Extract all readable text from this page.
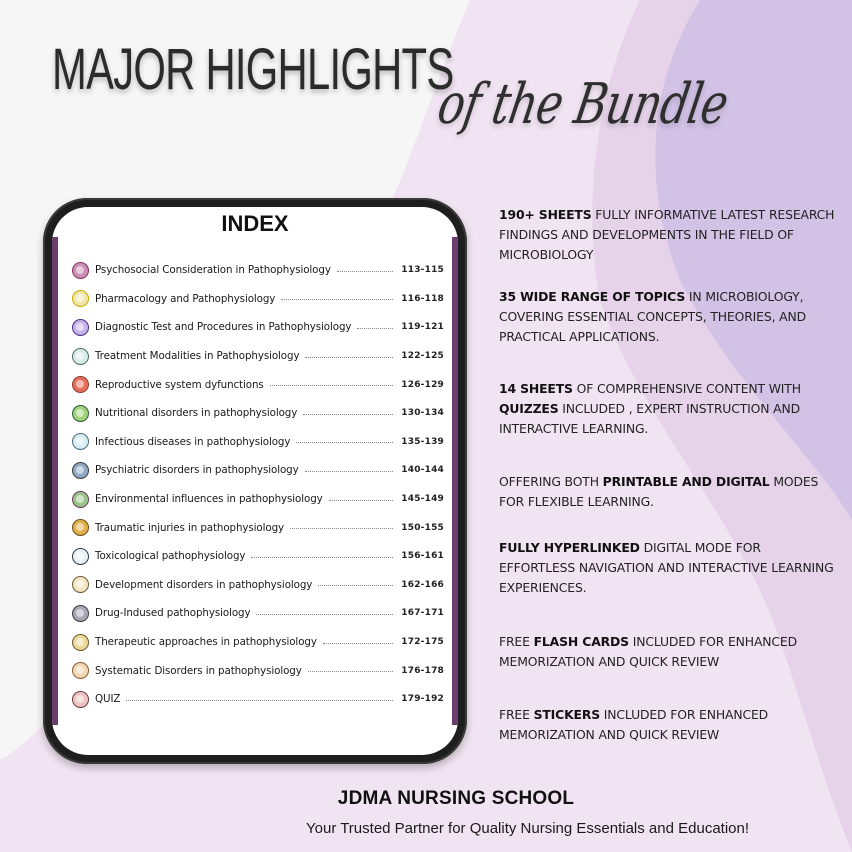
MAJOR HIGHLIGHTS
of the Bundle
INDEX
Psychosocial Consideration in Pathophysiology	113-115
Pharmacology and Pathophysiology	116-118
Diagnostic Test and Procedures in Pathophysiology	119-121
Treatment Modalities in Pathophysiology	122-125
Reproductive system dyfunctions	126-129
Nutritional disorders in pathophysiology	130-134
Infectious diseases in pathophysiology	135-139
Psychiatric disorders in pathophysiology	140-144
Environmental influences in pathophysiology	145-149
Traumatic injuries in pathophysiology	150-155
Toxicological pathophysiology	156-161
Development disorders in pathophysiology	162-166
Drug-Indused pathophysiology	167-171
Therapeutic approaches in pathophysiology	172-175
Systematic Disorders in pathophysiology	176-178
QUIZ	179-192
190+ SHEETS FULLY INFORMATIVE LATEST RESEARCH FINDINGS AND DEVELOPMENTS IN THE FIELD OF MICROBIOLOGY
35 WIDE RANGE OF TOPICS IN MICROBIOLOGY, COVERING ESSENTIAL CONCEPTS, THEORIES, AND PRACTICAL APPLICATIONS.
14 SHEETS OF COMPREHENSIVE CONTENT WITH QUIZZES INCLUDED , EXPERT INSTRUCTION AND INTERACTIVE LEARNING.
OFFERING BOTH PRINTABLE AND DIGITAL MODES FOR FLEXIBLE LEARNING.
FULLY HYPERLINKED DIGITAL MODE FOR EFFORTLESS NAVIGATION AND INTERACTIVE LEARNING EXPERIENCES.
FREE FLASH CARDS INCLUDED FOR ENHANCED MEMORIZATION AND QUICK REVIEW
FREE STICKERS INCLUDED FOR ENHANCED MEMORIZATION AND QUICK REVIEW
JDMA NURSING SCHOOL
Your Trusted Partner for Quality Nursing Essentials and Education!
